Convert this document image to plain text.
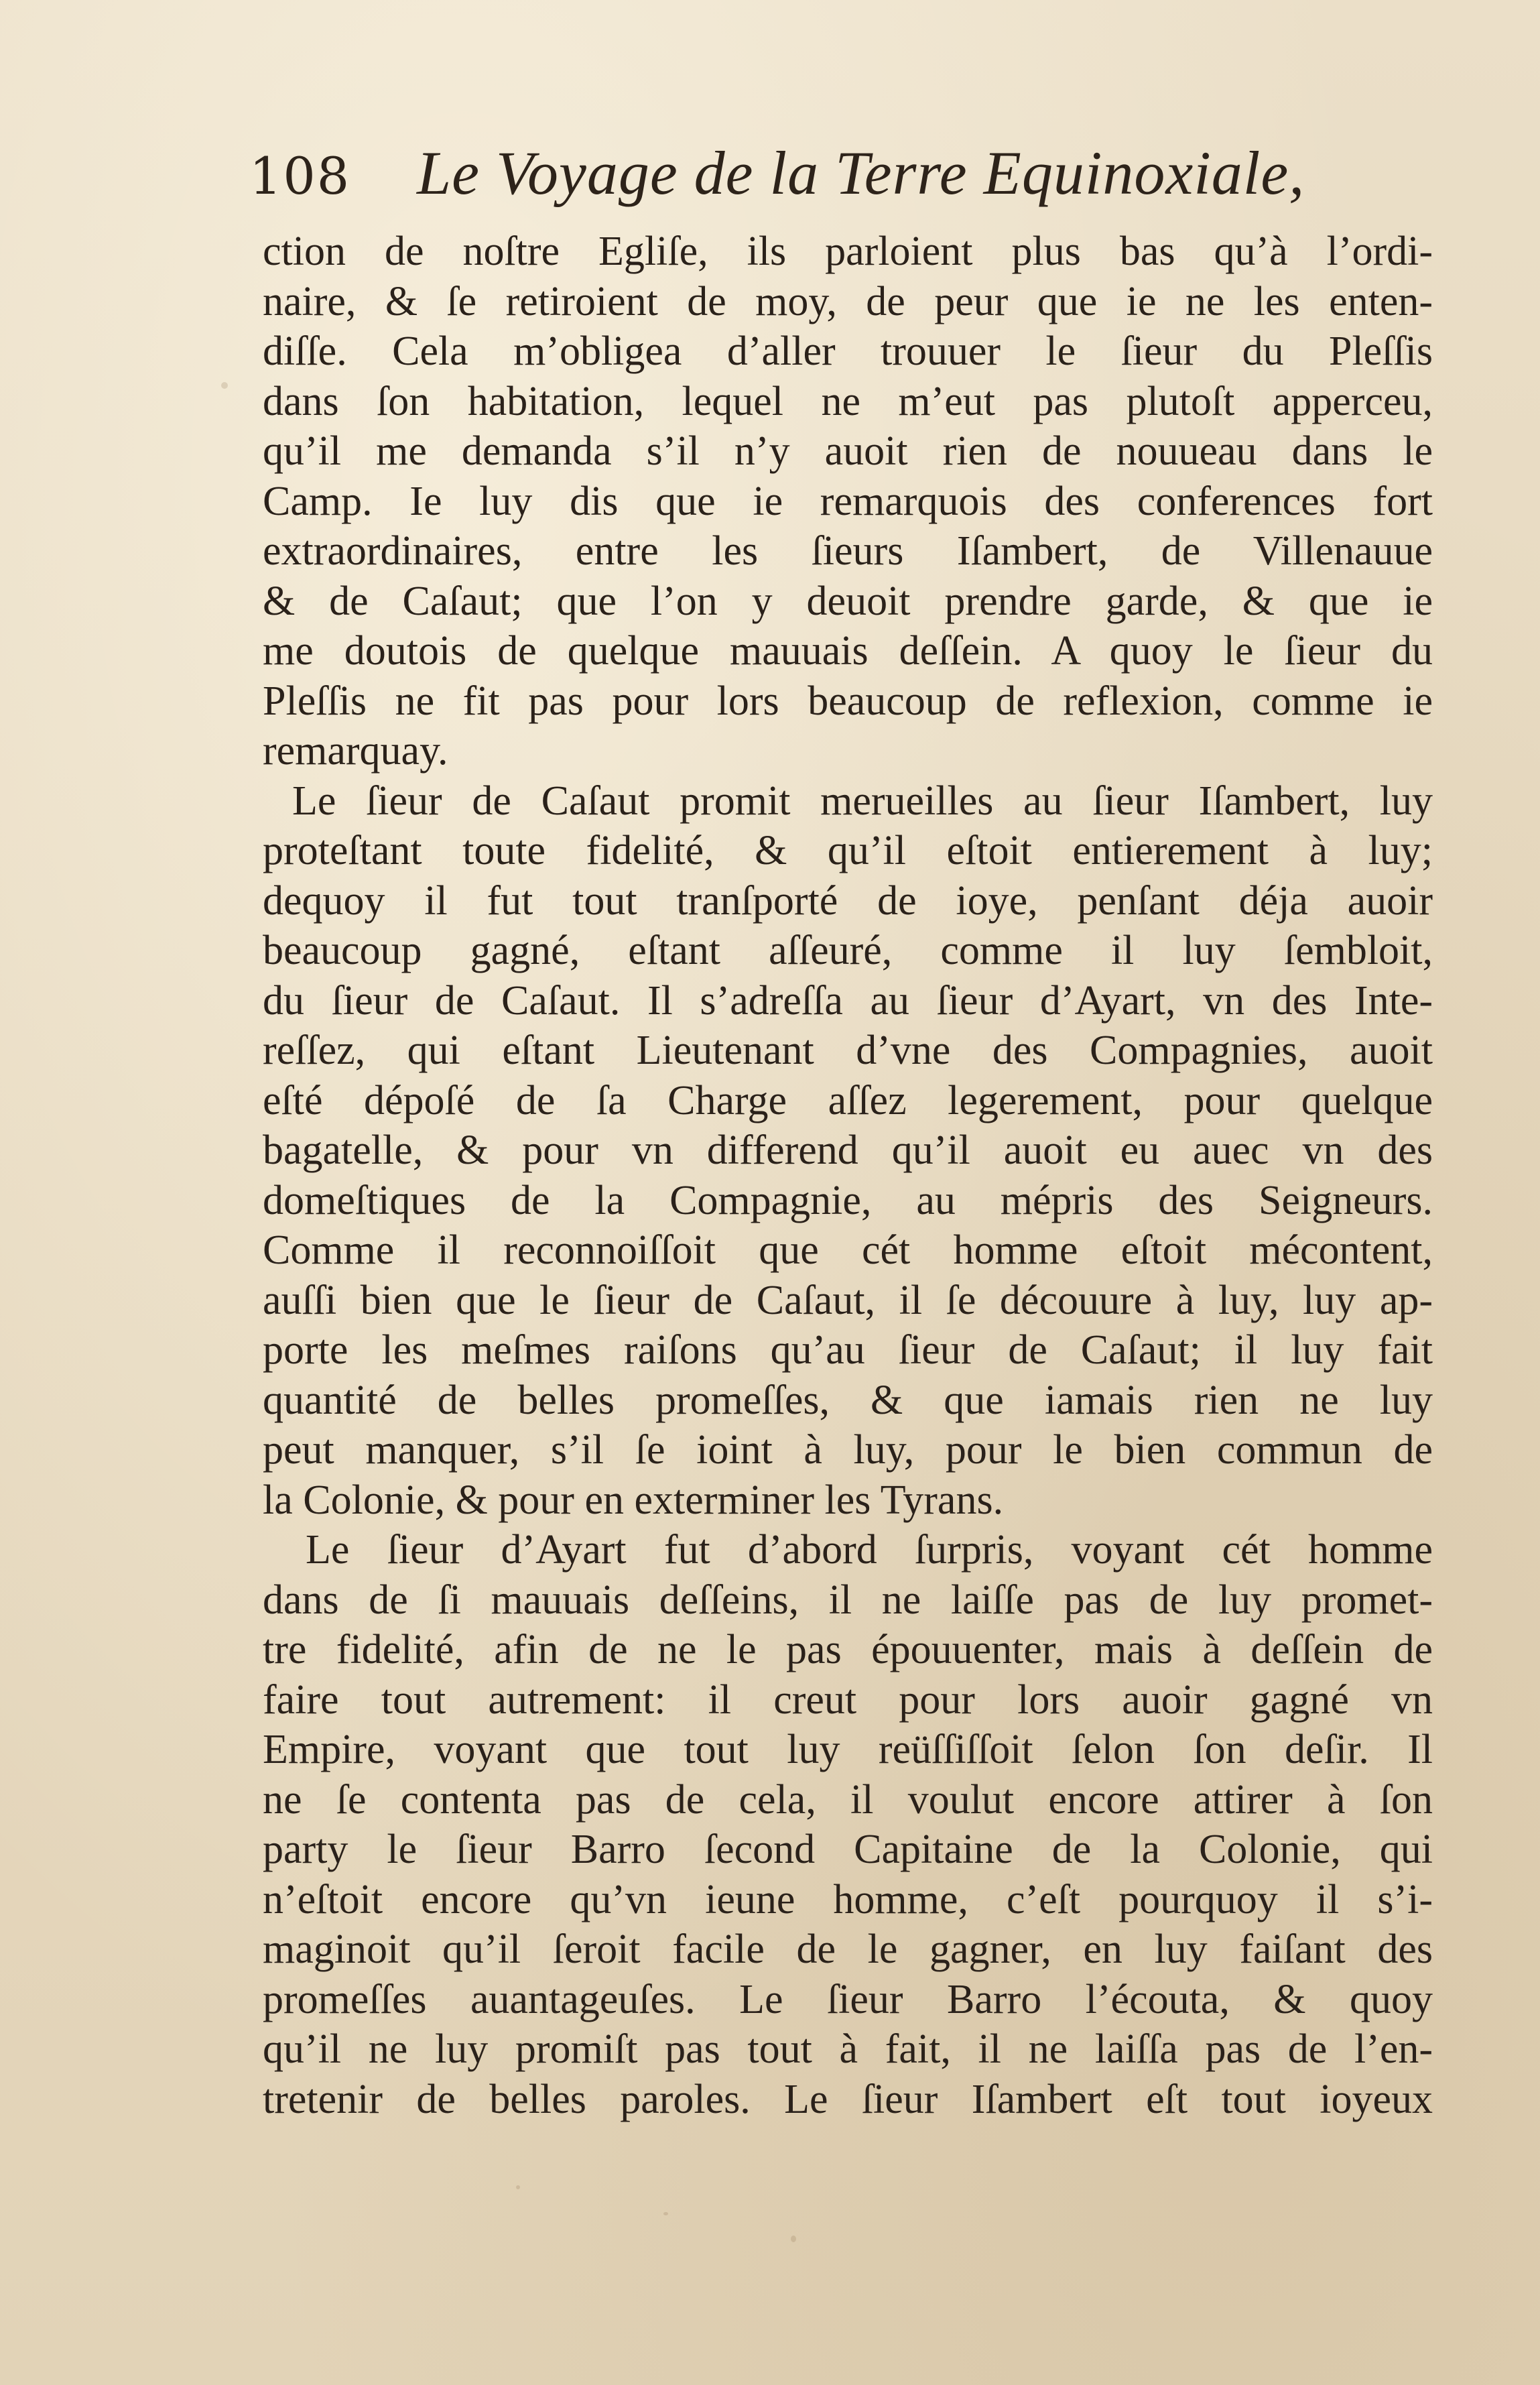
108	Le Voyage de la Terre Equinoxiale,
ction de noſtre Egliſe, ils parloient plus bas qu’à l’ordi-
naire, & ſe retiroient de moy, de peur que ie ne les enten-
diſſe. Cela m’obligea d’aller trouuer le ſieur du Pleſſis
dans ſon habitation, lequel ne m’eut pas plutoſt apperceu,
qu’il me demanda s’il n’y auoit rien de nouueau dans le
Camp. Ie luy dis que ie remarquois des conferences fort
extraordinaires, entre les ſieurs Iſambert, de Villenauue
& de Caſaut; que l’on y deuoit prendre garde, & que ie
me doutois de quelque mauuais deſſein. A quoy le ſieur du
Pleſſis ne fit pas pour lors beaucoup de reflexion, comme ie
remarquay.
Le ſieur de Caſaut promit merueilles au ſieur Iſambert, luy
proteſtant toute fidelité, & qu’il eſtoit entierement à luy;
dequoy il fut tout tranſporté de ioye, penſant déja auoir
beaucoup gagné, eſtant aſſeuré, comme il luy ſembloit,
du ſieur de Caſaut. Il s’adreſſa au ſieur d’Ayart, vn des Inte-
reſſez, qui eſtant Lieutenant d’vne des Compagnies, auoit
eſté dépoſé de ſa Charge aſſez legerement, pour quelque
bagatelle, & pour vn differend qu’il auoit eu auec vn des
domeſtiques de la Compagnie, au mépris des Seigneurs.
Comme il reconnoiſſoit que cét homme eſtoit mécontent,
auſſi bien que le ſieur de Caſaut, il ſe découure à luy, luy ap-
porte les meſmes raiſons qu’au ſieur de Caſaut; il luy fait
quantité de belles promeſſes, & que iamais rien ne luy
peut manquer, s’il ſe ioint à luy, pour le bien commun de
la Colonie, & pour en exterminer les Tyrans.
Le ſieur d’Ayart fut d’abord ſurpris, voyant cét homme
dans de ſi mauuais deſſeins, il ne laiſſe pas de luy promet-
tre fidelité, afin de ne le pas épouuenter, mais à deſſein de
faire tout autrement: il creut pour lors auoir gagné vn
Empire, voyant que tout luy reüſſiſſoit ſelon ſon deſir. Il
ne ſe contenta pas de cela, il voulut encore attirer à ſon
party le ſieur Barro ſecond Capitaine de la Colonie, qui
n’eſtoit encore qu’vn ieune homme, c’eſt pourquoy il s’i-
maginoit qu’il ſeroit facile de le gagner, en luy faiſant des
promeſſes auantageuſes. Le ſieur Barro l’écouta, & quoy
qu’il ne luy promiſt pas tout à fait, il ne laiſſa pas de l’en-
tretenir de belles paroles. Le ſieur Iſambert eſt tout ioyeux
